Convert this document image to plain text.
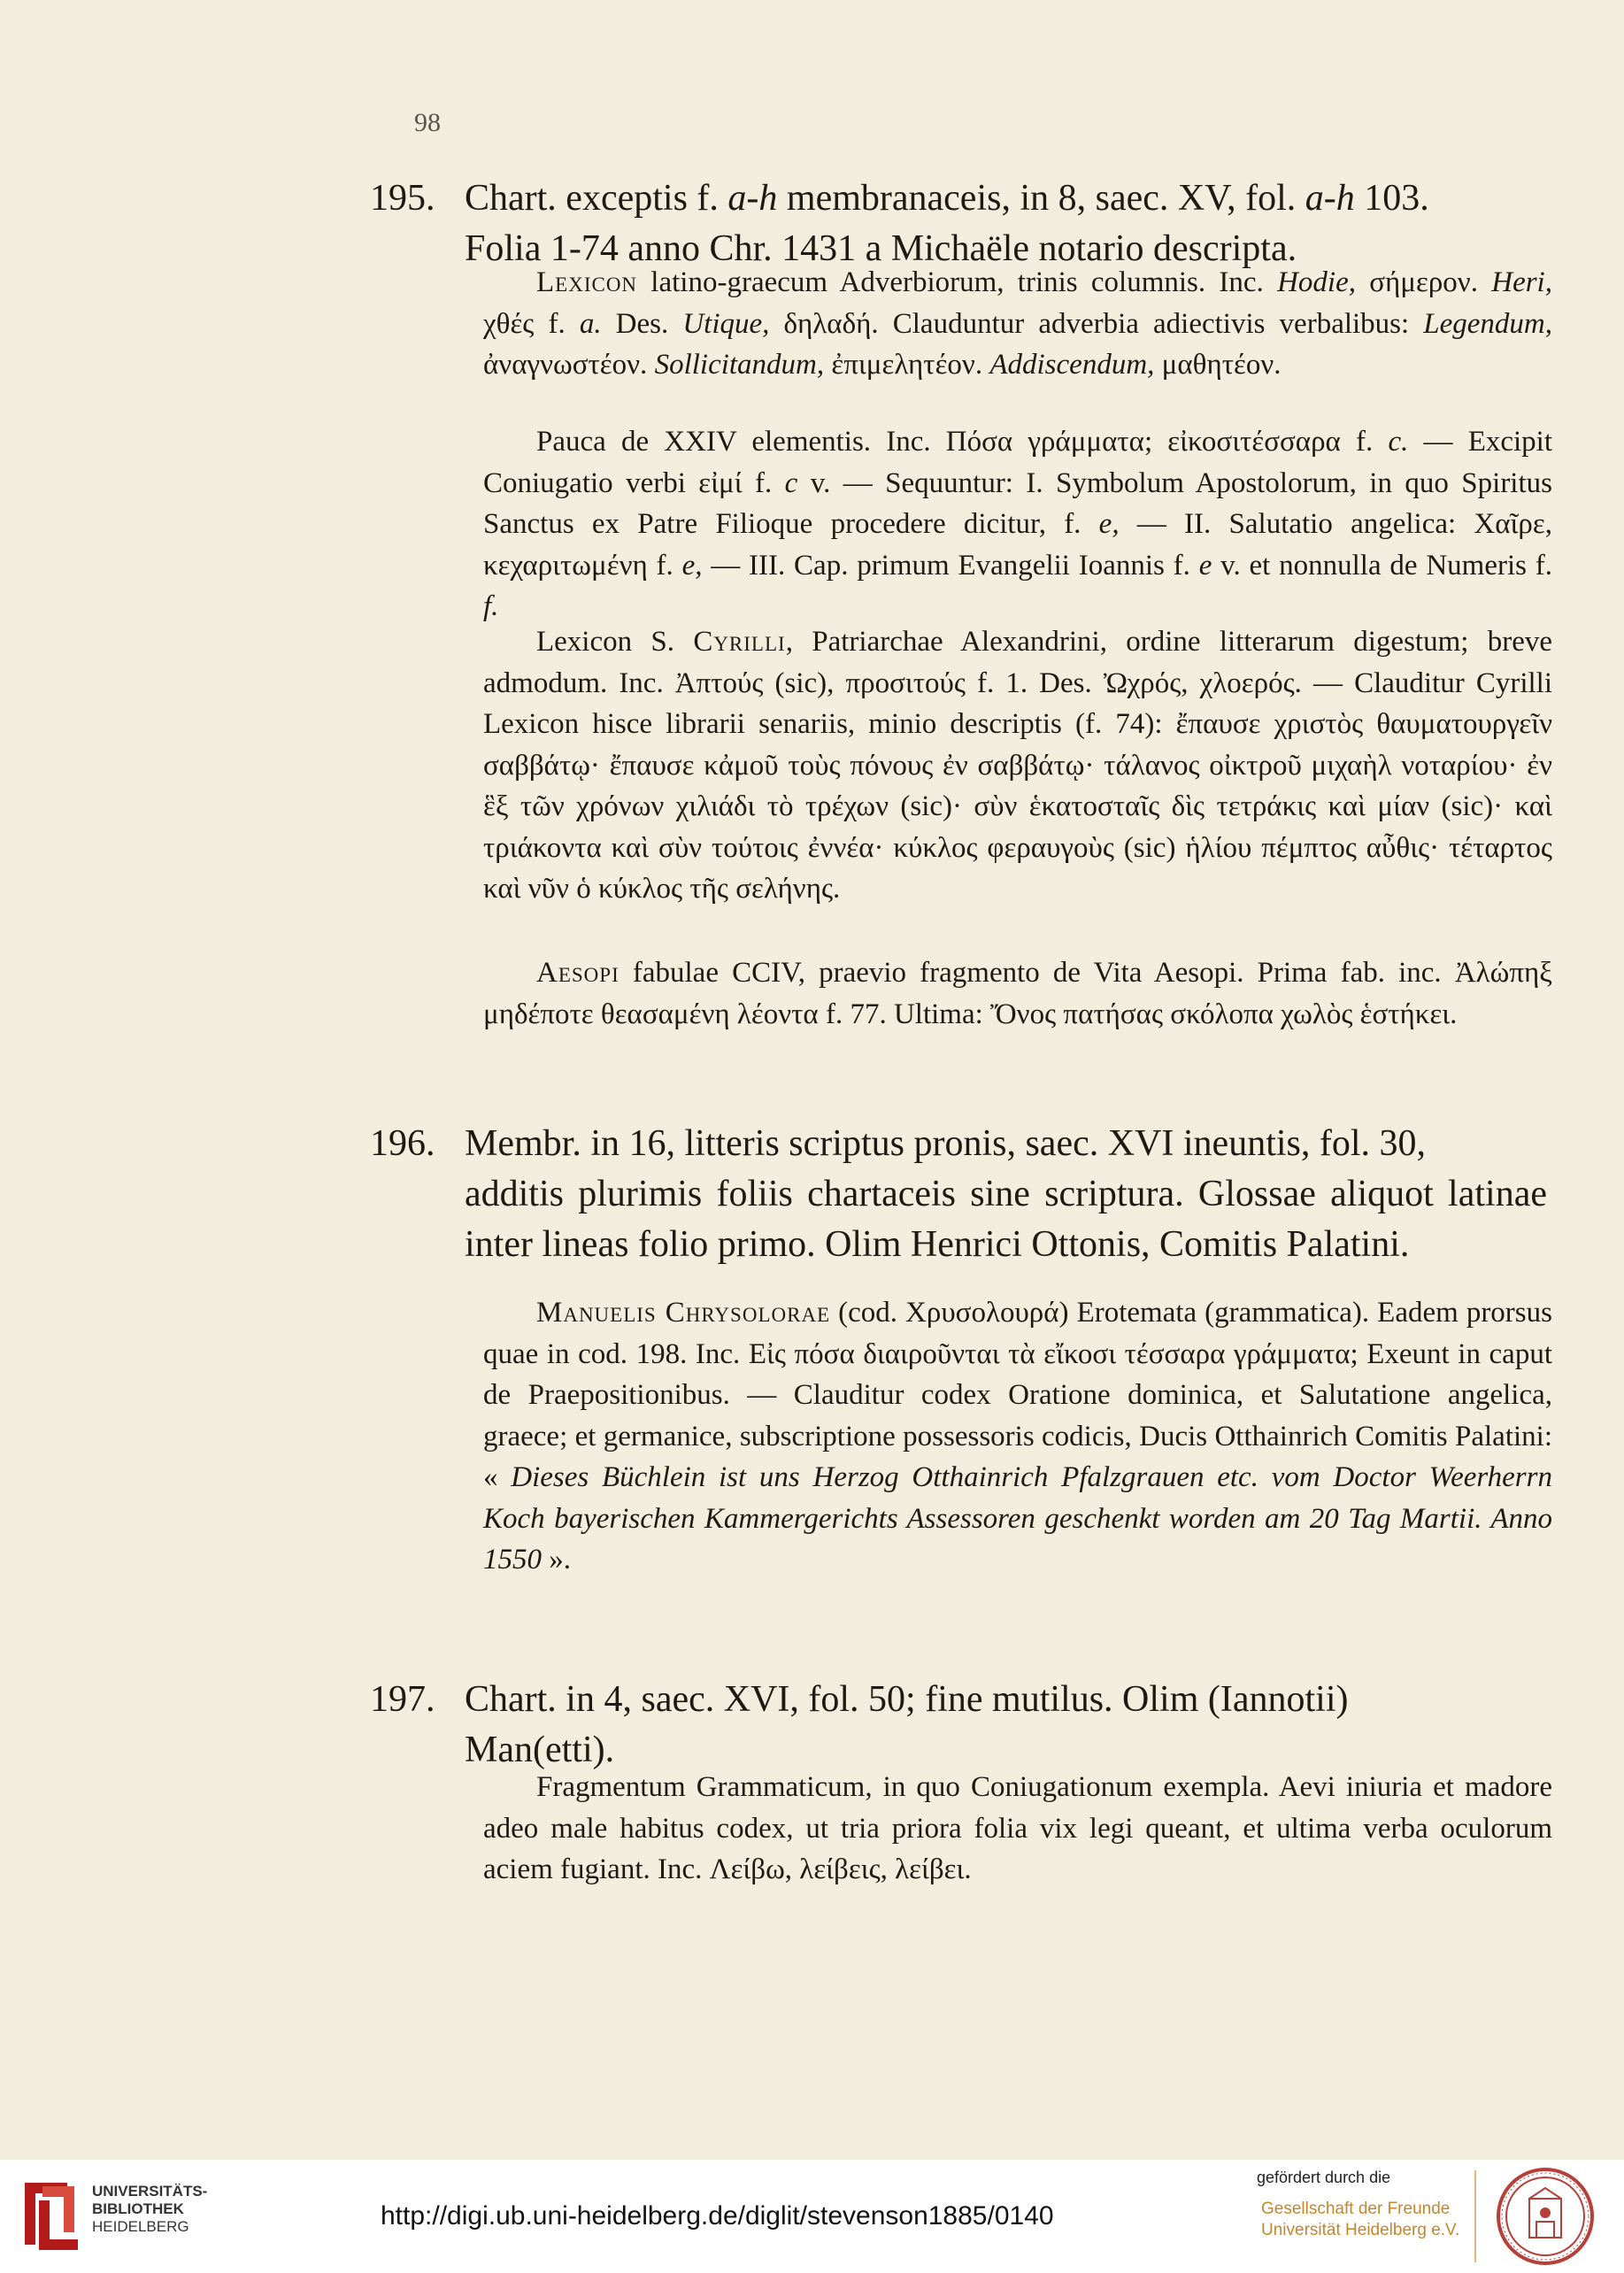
98
195. Chart. exceptis f. a-h membranaceis, in 8, saec. XV, fol. a-h 103.
Folia 1-74 anno Chr. 1431 a Michaële notario descripta.
Lexicon latino-graecum Adverbiorum, trinis columnis. Inc. Hodie, σήμερον. Heri, χθές f. a. Des. Utique, δηλαδή. Clauduntur adverbia adiectivis verbalibus: Legendum, ἀναγνωστέον. Sollicitandum, ἐπιμελητέον. Addiscendum, μαθητέον.
Pauca de XXIV elementis. Inc. Πόσα γράμματα; εἰκοσιτέσσαρα f. c. — Excipit Coniugatio verbi εἰμί f. c v. — Sequuntur: I. Symbolum Apostolorum, in quo Spiritus Sanctus ex Patre Filioque procedere dicitur, f. e, — II. Salutatio angelica: Χαῖρε, κεχαριτωμένη f. e, — III. Cap. primum Evangelii Ioannis f. e v. et nonnulla de Numeris f. f.
Lexicon S. Cyrilli, Patriarchae Alexandrini, ordine litterarum digestum; breve admodum. Inc. Ἀπτούς (sic), προσιτούς f. 1. Des. Ὠχρός, χλοερός. — Clauditur Cyrilli Lexicon hisce librarii senariis, minio descriptis (f. 74): ἔπαυσε χριστὸς θαυματουργεῖν σαββάτῳ· ἔπαυσε κἀμοῦ τοὺς πόνους ἐν σαββάτῳ· τάλανος οἰκτροῦ μιχαὴλ νοταρίου· ἐν ἓξ τῶν χρόνων χιλιάδι τὸ τρέχων (sic)· σὺν ἑκατοσταῖς δὶς τετράκις καὶ μίαν (sic)· καὶ τριάκοντα καὶ σὺν τούτοις ἐννέα· κύκλος φεραυγοὺς (sic) ἡλίου πέμπτος αὖθις· τέταρτος καὶ νῦν ὁ κύκλος τῆς σελήνης.
Aesopi fabulae CCIV, praevio fragmento de Vita Aesopi. Prima fab. inc. Ἀλώπηξ μηδέποτε θεασαμένη λέοντα f. 77. Ultima: Ὄνος πατήσας σκόλοπα χωλὸς ἑστήκει.
196. Membr. in 16, litteris scriptus pronis, saec. XVI ineuntis, fol. 30,
additis plurimis foliis chartaceis sine scriptura. Glossae aliquot latinae inter lineas folio primo. Olim Henrici Ottonis, Comitis Palatini.
Manuelis Chrysolorae (cod. Χρυσολουρά) Erotemata (grammatica). Eadem prorsus quae in cod. 198. Inc. Εἰς πόσα διαιροῦνται τὰ εἴκοσι τέσσαρα γράμματα; Exeunt in caput de Praepositionibus. — Clauditur codex Oratione dominica, et Salutatione angelica, graece; et germanice, subscriptione possessoris codicis, Ducis Otthainrich Comitis Palatini: « Dieses Büchlein ist uns Herzog Otthainrich Pfalzgrauen etc. vom Doctor Weerherrn Koch bayerischen Kammergerichts Assessoren geschenkt worden am 20 Tag Martii. Anno 1550 ».
197. Chart. in 4, saec. XVI, fol. 50; fine mutilus. Olim (Iannotii)
Man(etti).
Fragmentum Grammaticum, in quo Coniugationum exempla. Aevi iniuria et madore adeo male habitus codex, ut tria priora folia vix legi queant, et ultima verba oculorum aciem fugiant. Inc. Λείβω, λείβεις, λείβει.
UNIVERSITÄTS-
BIBLIOTHEK
HEIDELBERG	http://digi.ub.uni-heidelberg.de/diglit/stevenson1885/0140
gefördert durch die
Gesellschaft der Freunde
Universität Heidelberg e.V.
